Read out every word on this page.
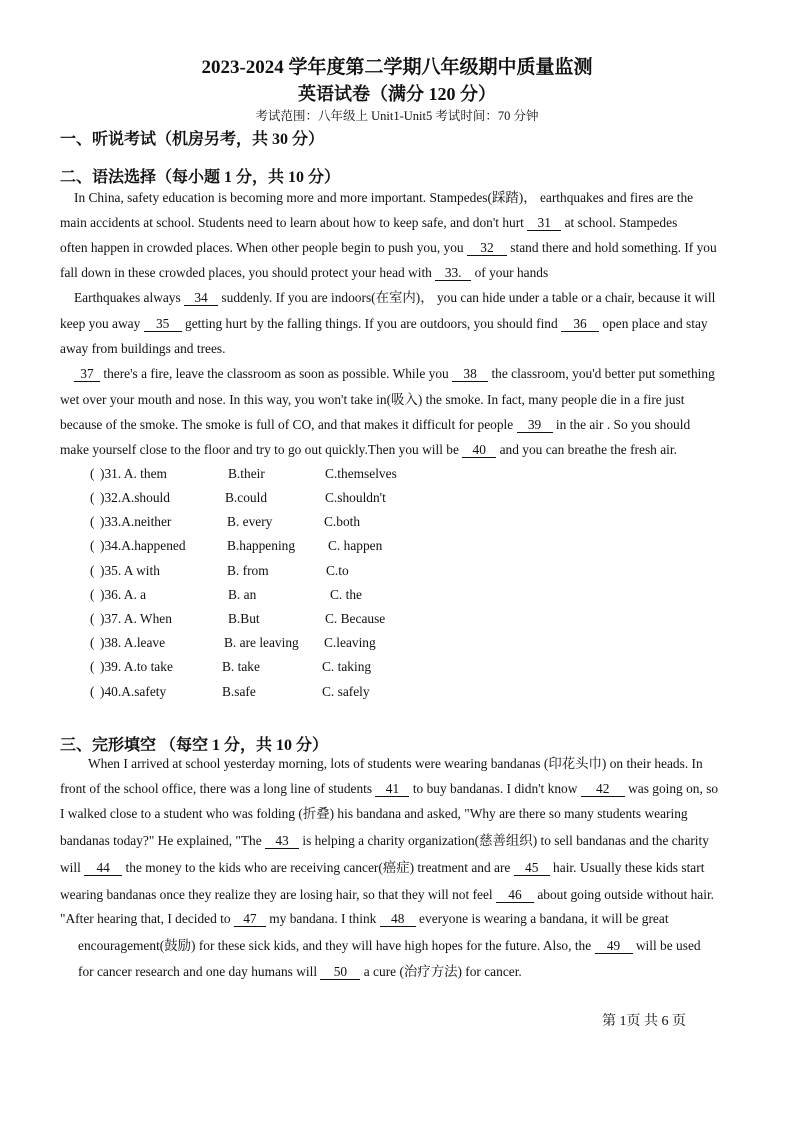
2023-2024 学年度第二学期八年级期中质量监测
英语试卷（满分 120 分）
考试范围：八年级上 Unit1-Unit5 考试时间：70 分钟
一、听说考试（机房另考，共 30 分）
二、语法选择（每小题 1 分，共 10 分）
In China, safety education is becoming more and more important. Stampedes(踩踏)， earthquakes and fires are the
main accidents at school. Students need to learn about how to keep safe, and don't hurt 31 at school. Stampedes
often happen in crowded places. When other people begin to push you, you 32 stand there and hold something. If you
fall down in these crowded places, you should protect your head with 33. of your hands
Earthquakes always 34 suddenly. If you are indoors(在室内)， you can hide under a table or a chair, because it will
keep you away 35 getting hurt by the falling things. If you are outdoors, you should find 36 open place and stay
away from buildings and trees.
37 there's a fire, leave the classroom as soon as possible. While you 38 the classroom, you'd better put something
wet over your mouth and nose. In this way, you won't take in(吸入) the smoke. In fact, many people die in a fire just
because of the smoke. The smoke is full of CO, and that makes it difficult for people 39 in the air . So you should
make yourself close to the floor and try to go out quickly.Then you will be 40 and you can breathe the fresh air.
( )31. A. them	B.their	C.themselves
( )32.A.should	B.could	C.shouldn't
( )33.A.neither	B. every	C.both
( )34.A.happened	B.happening C. happen
( )35. A with	B. from	C.to
( )36. A. a	B. an	C. the
( )37. A. When	B.But	C. Because
( )38. A.leave	B. are leaving C.leaving
( )39. A.to take	B. take	C. taking
( )40.A.safety	B.safe	C. safely
三、完形填空 （每空 1 分，共 10 分）
When I arrived at school yesterday morning, lots of students were wearing bandanas (印花头巾) on their heads. In
front of the school office, there was a long line of students 41 to buy bandanas. I didn't know 42 was going on, so
I walked close to a student who was folding (折叠) his bandana and asked, "Why are there so many students wearing
bandanas today?" He explained, "The 43 is helping a charity organization(慈善组织) to sell bandanas and the charity
will 44 the money to the kids who are receiving cancer(癌症) treatment and are 45 hair. Usually these kids start
wearing bandanas once they realize they are losing hair, so that they will not feel 46 about going outside without hair.
"After hearing that, I decided to 47 my bandana. I think 48 everyone is wearing a bandana, it will be great
encouragement(鼓励) for these sick kids, and they will have high hopes for the future. Also, the 49 will be used
for cancer research and one day humans will 50 a cure (治疗方法) for cancer.
第 1页 共 6 页
